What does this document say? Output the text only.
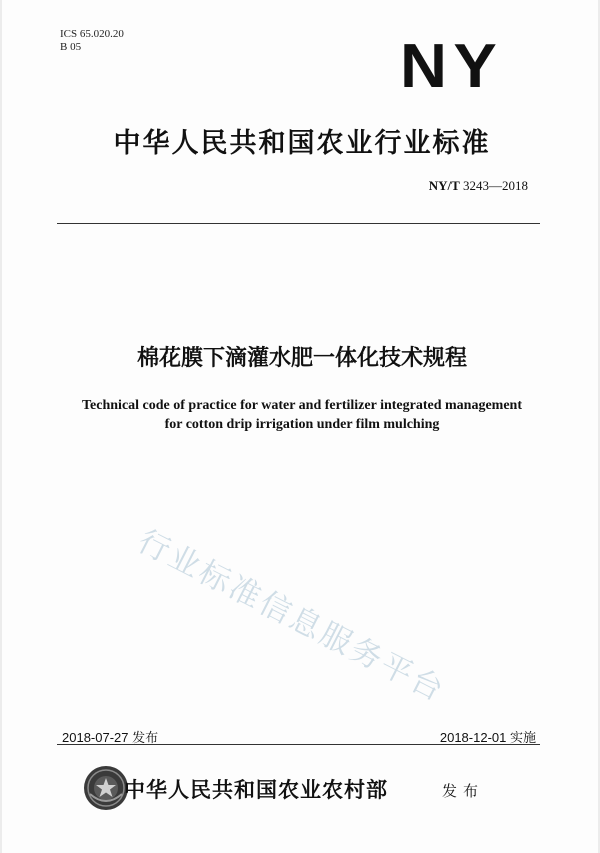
ICS 65.020.20
B 05	NY
中华人民共和国农业行业标准
NY/T 3243—2018
棉花膜下滴灌水肥一体化技术规程
Technical code of practice for water and fertilizer integrated management
for cotton drip irrigation under film mulching
行业标准信息服务平台
2018-07-27 发布	2018-12-01 实施
中华人民共和国农业农村部	发布
